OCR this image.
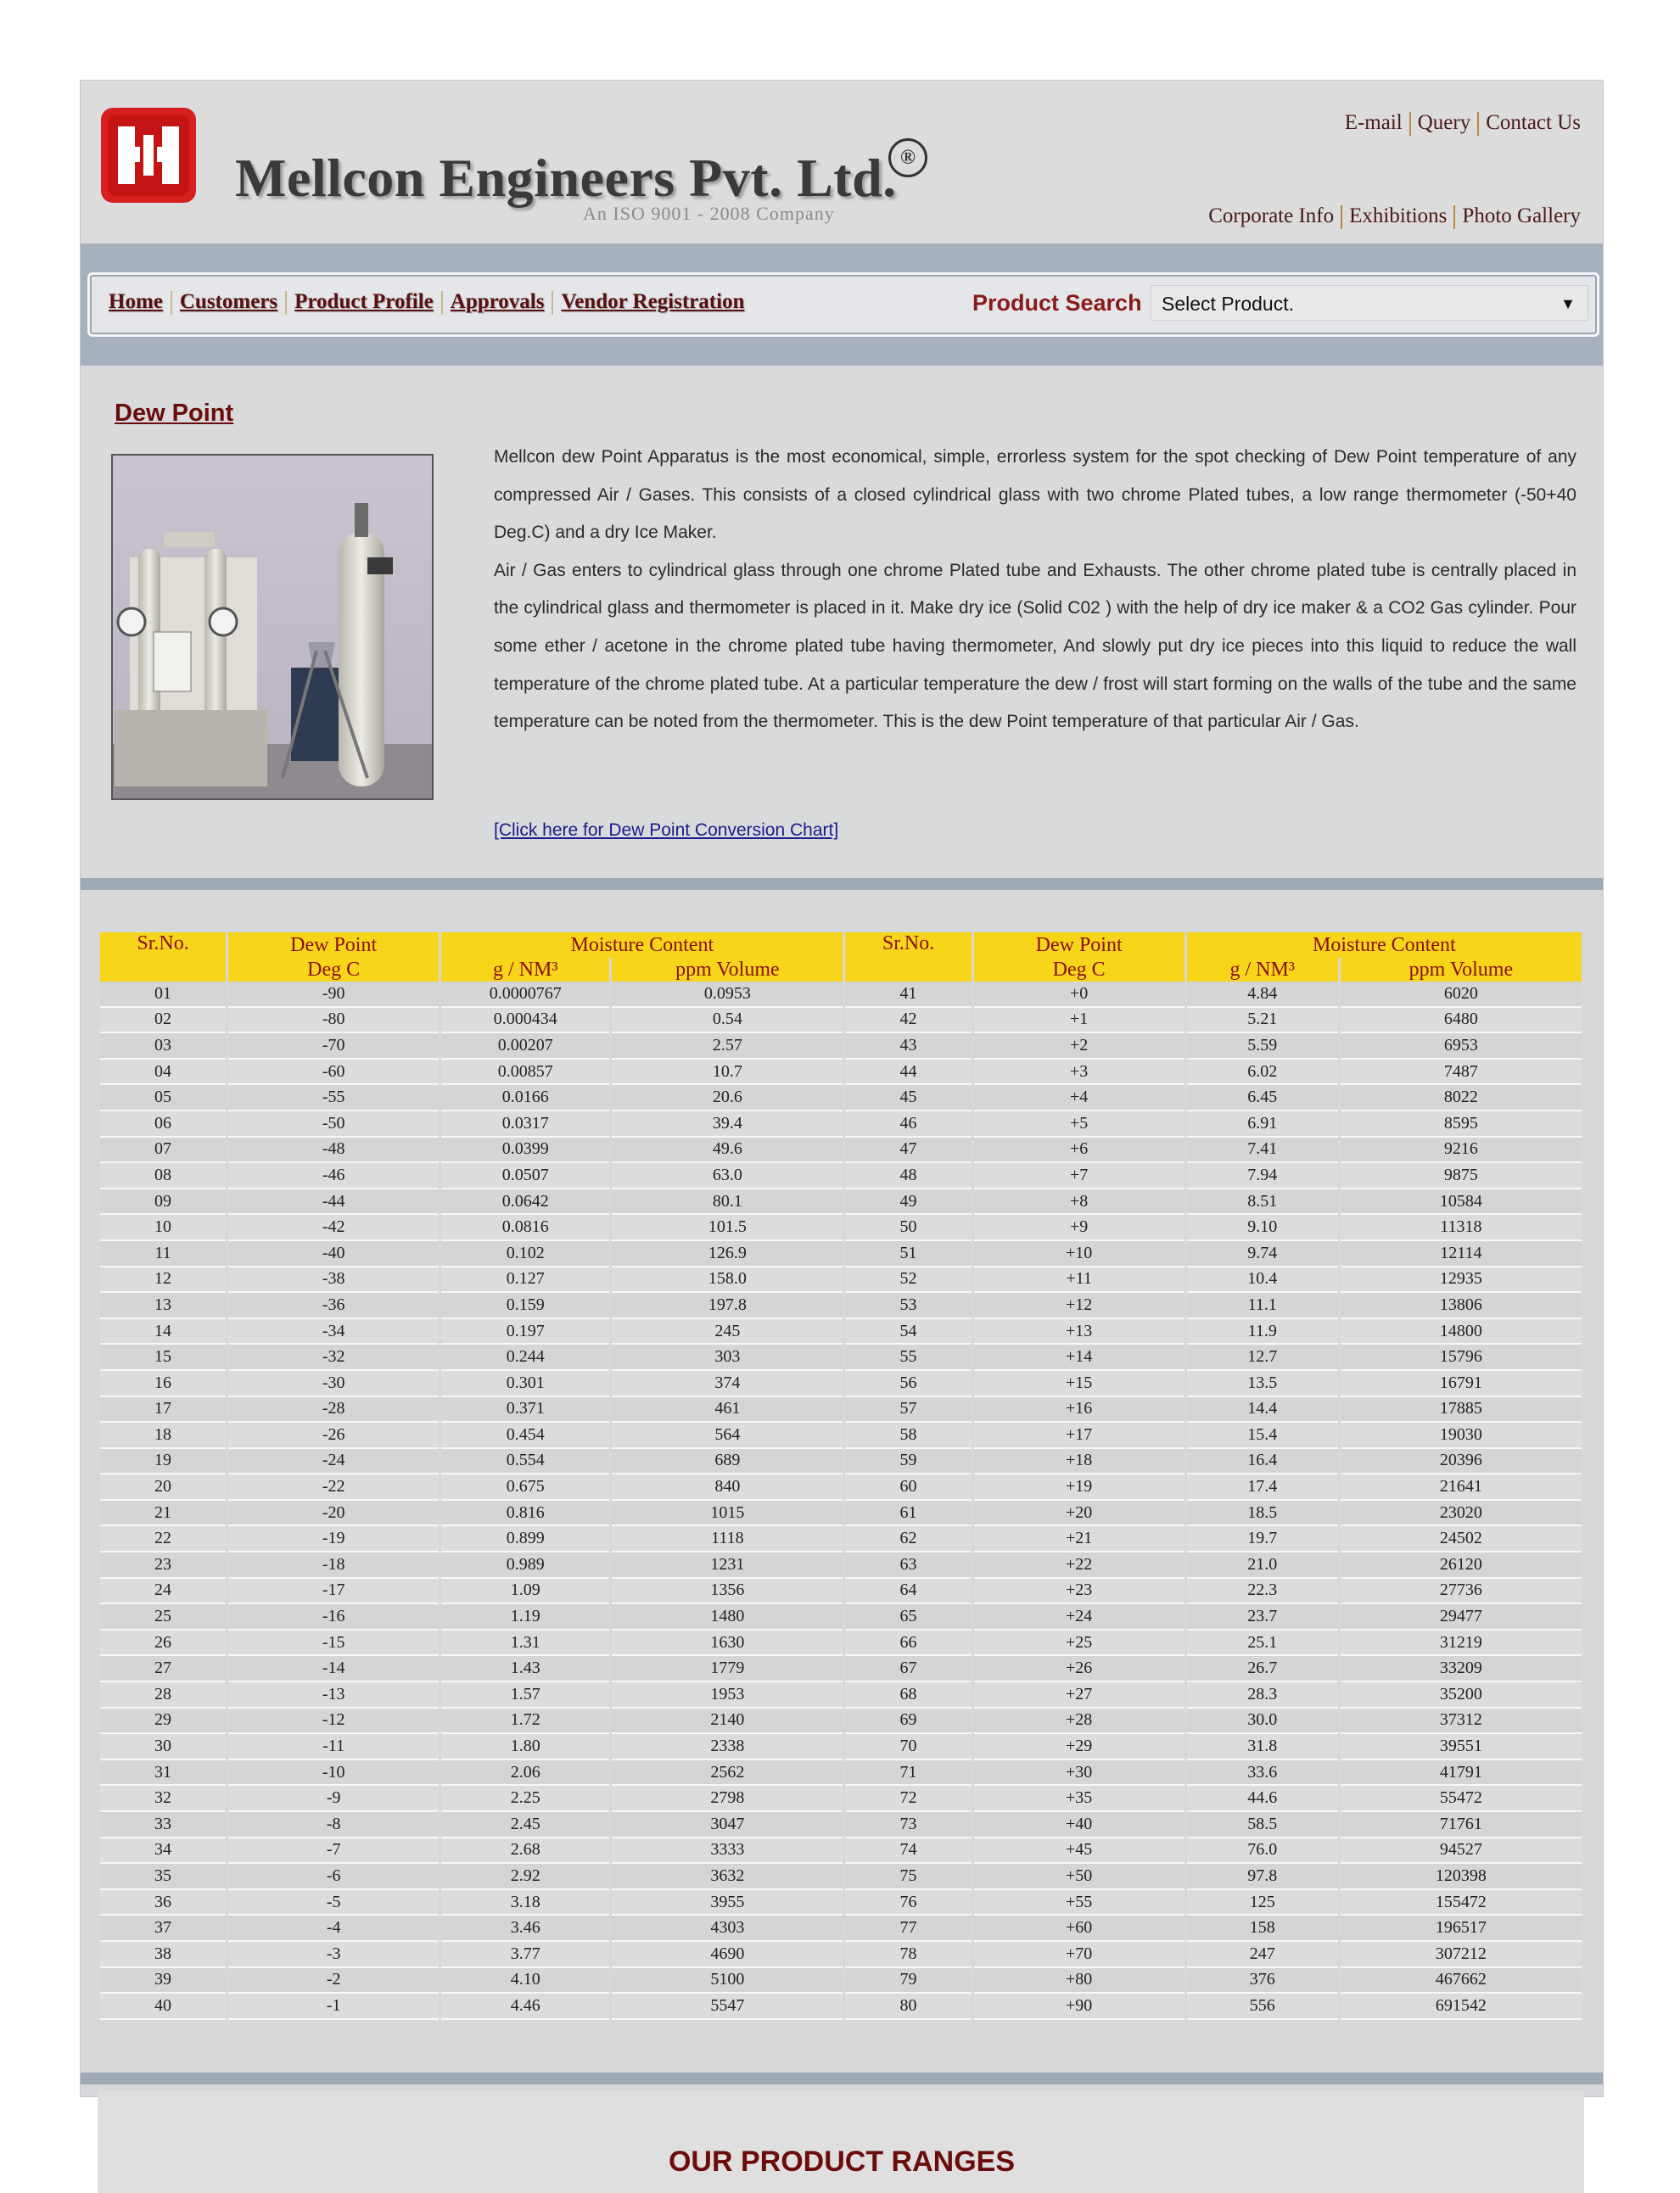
Mellcon Engineers Pvt. Ltd. ®
An ISO 9001 - 2008 Company
E-mail Query Contact Us
Corporate Info Exhibitions Photo Gallery
Home Customers Product Profile Approvals Vendor Registration	Product Search	Select Product.	▼
Dew Point

Mellcon dew Point Apparatus is the most economical, simple, errorless system for the spot checking of Dew Point temperature of any compressed Air / Gases. This consists of a closed cylindrical glass with two chrome Plated tubes, a low range thermometer (-50+40 Deg.C) and a dry Ice Maker.

Air / Gas enters to cylindrical glass through one chrome Plated tube and Exhausts. The other chrome plated tube is centrally placed in the cylindrical glass and thermometer is placed in it. Make dry ice (Solid C02 ) with the help of dry ice maker & a CO2 Gas cylinder. Pour some ether / acetone in the chrome plated tube having thermometer, And slowly put dry ice pieces into this liquid to reduce the wall temperature of the chrome plated tube. At a particular temperature the dew / frost will start forming on the walls of the tube and the same temperature can be noted from the thermometer. This is the dew Point temperature of that particular Air / Gas.

[Click here for Dew Point Conversion Chart]
Sr.No.	Dew Point	Moisture Content		Sr.No.	Dew Point	Moisture Content	
	Deg C	g / NM³	ppm Volume		Deg C	g / NM³	ppm Volume
01	-90	0.0000767	0.0953	41	+0	4.84	6020
02	-80	0.000434	0.54	42	+1	5.21	6480
03	-70	0.00207	2.57	43	+2	5.59	6953
04	-60	0.00857	10.7	44	+3	6.02	7487
05	-55	0.0166	20.6	45	+4	6.45	8022
06	-50	0.0317	39.4	46	+5	6.91	8595
07	-48	0.0399	49.6	47	+6	7.41	9216
08	-46	0.0507	63.0	48	+7	7.94	9875
09	-44	0.0642	80.1	49	+8	8.51	10584
10	-42	0.0816	101.5	50	+9	9.10	11318
11	-40	0.102	126.9	51	+10	9.74	12114
12	-38	0.127	158.0	52	+11	10.4	12935
13	-36	0.159	197.8	53	+12	11.1	13806
14	-34	0.197	245	54	+13	11.9	14800
15	-32	0.244	303	55	+14	12.7	15796
16	-30	0.301	374	56	+15	13.5	16791
17	-28	0.371	461	57	+16	14.4	17885
18	-26	0.454	564	58	+17	15.4	19030
19	-24	0.554	689	59	+18	16.4	20396
20	-22	0.675	840	60	+19	17.4	21641
21	-20	0.816	1015	61	+20	18.5	23020
22	-19	0.899	1118	62	+21	19.7	24502
23	-18	0.989	1231	63	+22	21.0	26120
24	-17	1.09	1356	64	+23	22.3	27736
25	-16	1.19	1480	65	+24	23.7	29477
26	-15	1.31	1630	66	+25	25.1	31219
27	-14	1.43	1779	67	+26	26.7	33209
28	-13	1.57	1953	68	+27	28.3	35200
29	-12	1.72	2140	69	+28	30.0	37312
30	-11	1.80	2338	70	+29	31.8	39551
31	-10	2.06	2562	71	+30	33.6	41791
32	-9	2.25	2798	72	+35	44.6	55472
33	-8	2.45	3047	73	+40	58.5	71761
34	-7	2.68	3333	74	+45	76.0	94527
35	-6	2.92	3632	75	+50	97.8	120398
36	-5	3.18	3955	76	+55	125	155472
37	-4	3.46	4303	77	+60	158	196517
38	-3	3.77	4690	78	+70	247	307212
39	-2	4.10	5100	79	+80	376	467662
40	-1	4.46	5547	80	+90	556	691542
OUR PRODUCT RANGES
